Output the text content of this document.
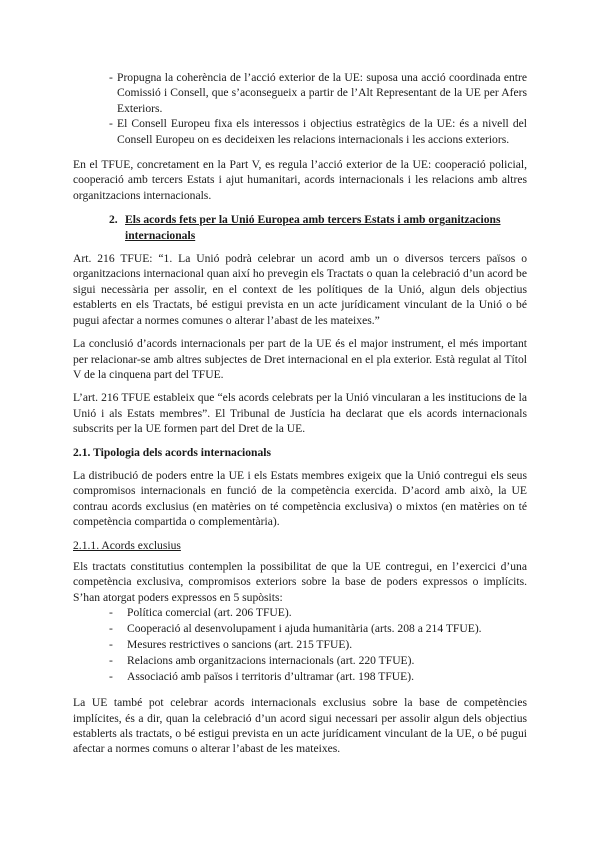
- Propugna la coherència de l’acció exterior de la UE: suposa una acció coordinada entre Comissió i Consell, que s’aconsegueix a partir de l’Alt Representant de la UE per Afers Exteriors.
- El Consell Europeu fixa els interessos i objectius estratègics de la UE: és a nivell del Consell Europeu on es decideixen les relacions internacionals i les accions exteriors.

En el TFUE, concretament en la Part V, es regula l’acció exterior de la UE: cooperació policial, cooperació amb tercers Estats i ajut humanitari, acords internacionals i les relacions amb altres organitzacions internacionals.

2. Els acords fets per la Unió Europea amb tercers Estats i amb organitzacions internacionals

Art. 216 TFUE: “1. La Unió podrà celebrar un acord amb un o diversos tercers països o organitzacions internacional quan així ho prevegin els Tractats o quan la celebració d’un acord be sigui necessària per assolir, en el context de les polítiques de la Unió, algun dels objectius establerts en els Tractats, bé estigui prevista en un acte jurídicament vinculant de la Unió o bé pugui afectar a normes comunes o alterar l’abast de les mateixes.”

La conclusió d’acords internacionals per part de la UE és el major instrument, el més important per relacionar-se amb altres subjectes de Dret internacional en el pla exterior. Està regulat al Títol V de la cinquena part del TFUE.

L’art. 216 TFUE estableix que “els acords celebrats per la Unió vincularan a les institucions de la Unió i als Estats membres”. El Tribunal de Justícia ha declarat que els acords internacionals subscrits per la UE formen part del Dret de la UE.

2.1. Tipologia dels acords internacionals

La distribució de poders entre la UE i els Estats membres exigeix que la Unió contregui els seus compromisos internacionals en funció de la competència exercida. D’acord amb això, la UE contrau acords exclusius (en matèries on té competència exclusiva) o mixtos (en matèries on té competència compartida o complementària).

2.1.1. Acords exclusius

Els tractats constitutius contemplen la possibilitat de que la UE contregui, en l’exercici d’una competència exclusiva, compromisos exteriors sobre la base de poders expressos o implícits. S’han atorgat poders expressos en 5 supòsits:

- Política comercial (art. 206 TFUE).
- Cooperació al desenvolupament i ajuda humanitària (arts. 208 a 214 TFUE).
- Mesures restrictives o sancions (art. 215 TFUE).
- Relacions amb organitzacions internacionals (art. 220 TFUE).
- Associació amb països i territoris d’ultramar (art. 198 TFUE).

La UE també pot celebrar acords internacionals exclusius sobre la base de competències implícites, és a dir, quan la celebració d’un acord sigui necessari per assolir algun dels objectius establerts als tractats, o bé estigui prevista en un acte jurídicament vinculant de la UE, o bé pugui afectar a normes comuns o alterar l’abast de les mateixes.
